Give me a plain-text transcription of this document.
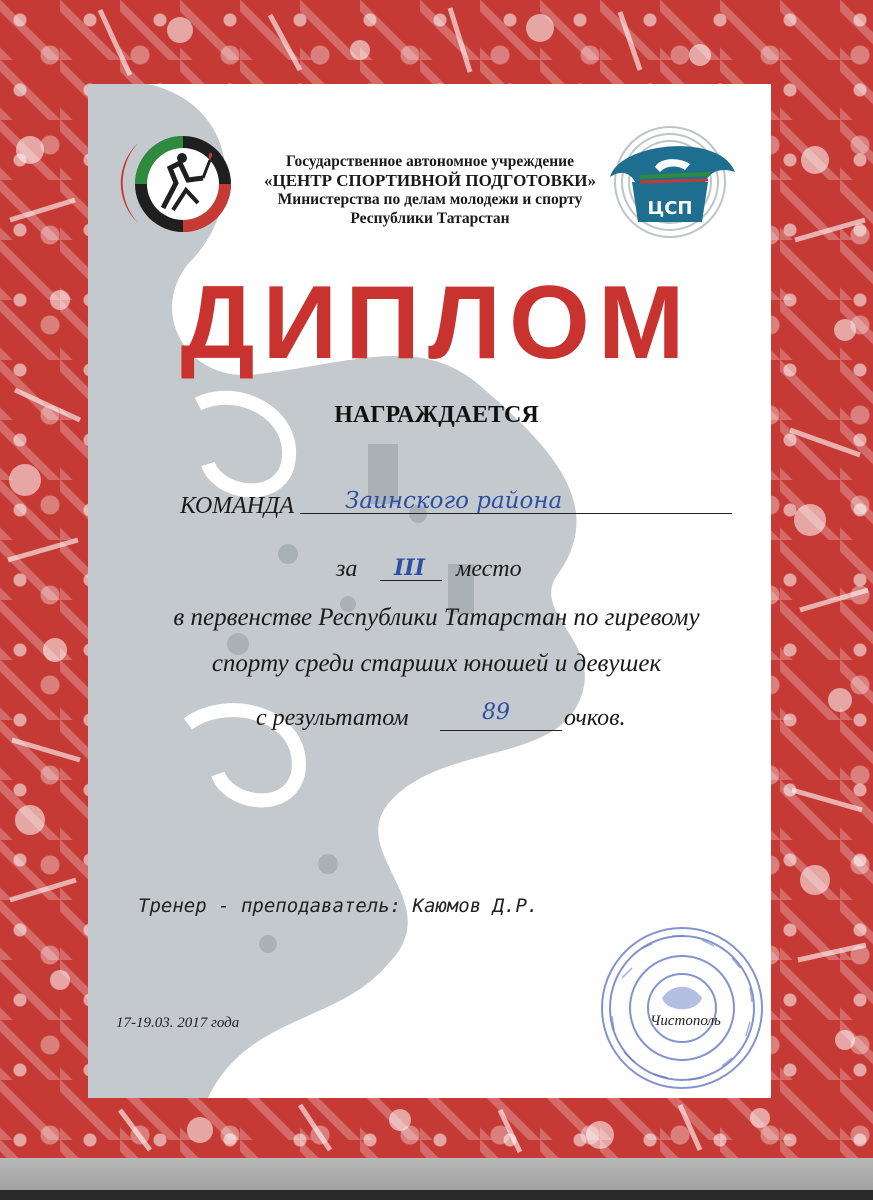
Государственное автономное учреждение
«ЦЕНТР СПОРТИВНОЙ ПОДГОТОВКИ»
Министерства по делам молодежи и спорту
Республики Татарстан	ЦСП
ДИПЛОМ
НАГРАЖДАЕТСЯ
КОМАНДА Заинского района
за III место
в первенстве Республики Татарстан по гиревому
спорту среди старших юношей и девушек
с результатом	89 очков.
Тренер - преподаватель: Каюмов Д.Р.
17-19.03. 2017 года	Чистополь
